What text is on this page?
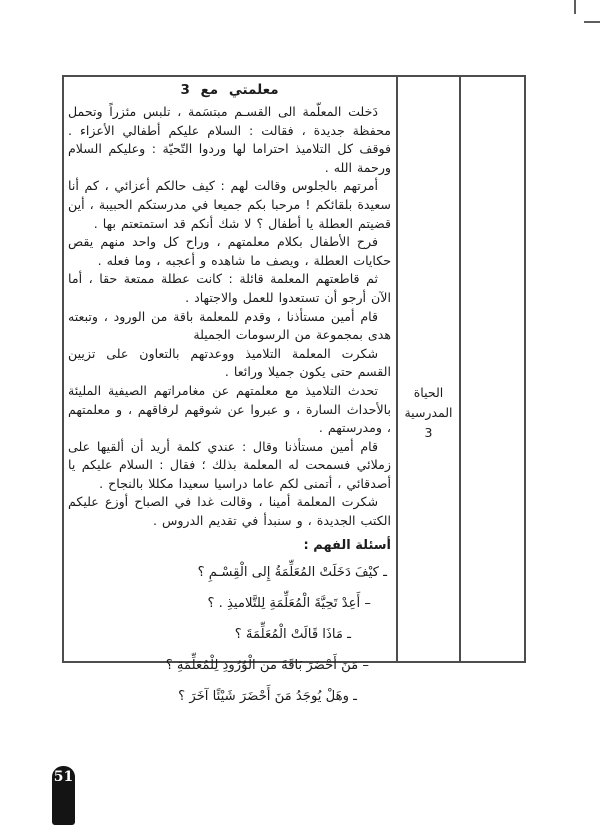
3 مع معلمتي

دَخلت المعلّمة الى القسـم مبتسَمة ، تلبس مئزراً وتحمل محفظة جديدة ، فقالت : السلام عليكم أطفالي الأعزاء . فوقف كل التلاميذ احتراما لها وردوا التّحيّة : وعليكم السلام ورحمة الله .

أمرتهم بالجلوس وقالت لهم : كيف حالكم أعزائي ، كم أنا سعيدة بلقائكم ! مرحبا بكم جميعا في مدرستكم الحبيبة ، أين قضيتم العطلة يا أطفال ؟ لا شك أنكم قد استمتعتم بها .

فرح الأطفال بكلام معلمتهم ، وراح كل واحد منهم يقص حكايات العطلة ، ويصف ما شاهده و أعجبه ، وما فعله .

ثم قاطعتهم المعلمة قائلة : كانت عطلة ممتعة حقا ، أما الآن أرجو أن تستعدوا للعمل والاجتهاد .

قام أمين مستأذنا ، وقدم للمعلمة باقة من الورود ، وتبعته هدى بمجموعة من الرسومات الجميلة

شكرت المعلمة التلاميذ ووعدتهم بالتعاون على تزيين القسم حتى يكون جميلا ورائعا .

تحدث التلاميذ مع معلمتهم عن مغامراتهم الصيفية المليئة بالأحداث السارة ، و عبروا عن شوقهم لرفاقهم ، و معلمتهم ، ومدرستهم .

قام أمين مستأذنا وقال : عندي كلمة أريد أن ألقيها على زملائي فسمحت له المعلمة بذلك ؛ فقال : السلام عليكم يا أصدقائي ، أتمنى لكم عاما دراسيا سعيدا مكللا بالنجاح .

شكرت المعلمة أمينا ، وقالت غدا في الصباح أوزع عليكم الكتب الجديدة ، و سنبدأ في تقديم الدروس .

أسئلة الفهم :
ـ كيْفَ دَخَلَتْ المُعَلِّمَةُ إِلى الْقِسْـمِ ؟
– أَعِدْ تَحِيَّةَ الْمُعَلِّمَةِ لِلتَّلاميذِ . ؟
ـ مَاذَا قَالَتْ الْمُعَلِّمَةَ ؟
– مَنَ أَحْضَرَ بَاقَةَ من الْوُرُودِ لِلْمُعَلِّمَةِ ؟
ـ وهَلْ يُوجَدُ مَنَ أَحْضَرَ شَيْئًا آخَرَ ؟
الحياة
المدرسية
3
51
